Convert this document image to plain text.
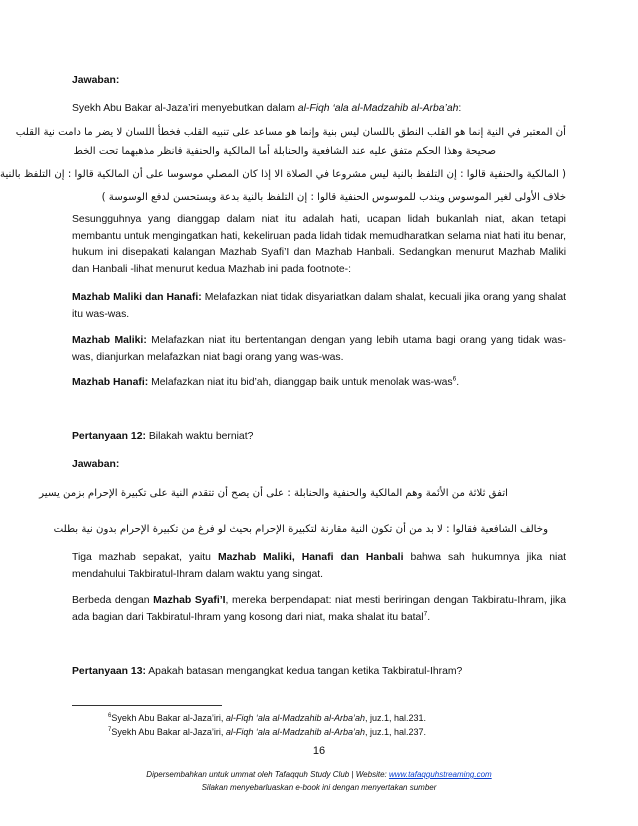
Jawaban:

Syekh Abu Bakar al-Jaza’iri menyebutkan dalam al-Fiqh ‘ala al-Madzahib al-Arba’ah:

أن المعتبر في النية إنما هو القلب النطق باللسان ليس بنية وإنما هو مساعد على تنبيه القلب فخطأ اللسان لا يضر ما دامت نية القلب
صحيحة وهذا الحكم متفق عليه عند الشافعية والحنابلة أما المالكية والحنفية فانظر مذهبهما تحت الخط
( المالكية والحنفية قالوا : إن التلفظ بالنية ليس مشروعا في الصلاة الا إذا كان المصلي موسوسا على أن المالكية قالوا : إن التلفظ بالنية
خلاف الأولى لغير الموسوس ويندب للموسوس الحنفية قالوا : إن التلفظ بالنية بدعة ويستحسن لدفع الوسوسة )

Sesungguhnya yang dianggap dalam niat itu adalah hati, ucapan lidah bukanlah niat, akan tetapi membantu untuk mengingatkan hati, kekeliruan pada lidah tidak memudharatkan selama niat hati itu benar, hukum ini disepakati kalangan Mazhab Syafi’I dan Mazhab Hanbali. Sedangkan menurut Mazhab Maliki dan Hanbali -lihat menurut kedua Mazhab ini pada footnote-:

Mazhab Maliki dan Hanafi: Melafazkan niat tidak disyariatkan dalam shalat, kecuali jika orang yang shalat itu was-was.

Mazhab Maliki: Melafazkan niat itu bertentangan dengan yang lebih utama bagi orang yang tidak was-was, dianjurkan melafazkan niat bagi orang yang was-was.

Mazhab Hanafi: Melafazkan niat itu bid’ah, dianggap baik untuk menolak was-was$^6$.

Pertanyaan 12: Bilakah waktu berniat?

Jawaban:

اتفق ثلاثة من الأئمة وهم المالكية والحنفية والحنابلة : على أن يصح أن تتقدم النية على تكبيرة الإحرام بزمن يسير
وخالف الشافعية فقالوا : لا بد من أن تكون النية مقارنة لتكبيرة الإحرام بحيث لو فرغ من تكبيرة الإحرام بدون نية بطلت

Tiga mazhab sepakat, yaitu Mazhab Maliki, Hanafi dan Hanbali bahwa sah hukumnya jika niat mendahului Takbiratul-Ihram dalam waktu yang singat.

Berbeda dengan Mazhab Syafi’I, mereka berpendapat: niat mesti beriringan dengan Takbiratu-Ihram, jika ada bagian dari Takbiratul-Ihram yang kosong dari niat, maka shalat itu batal$^7$.

Pertanyaan 13: Apakah batasan mengangkat kedua tangan ketika Takbiratul-Ihram?

$^6$Syekh Abu Bakar al-Jaza’iri, al-Fiqh ‘ala al-Madzahib al-Arba’ah, juz.1, hal.231.
$^7$Syekh Abu Bakar al-Jaza’iri, al-Fiqh ‘ala al-Madzahib al-Arba’ah, juz.1, hal.237.
16
Dipersembahkan untuk ummat oleh Tafaqquh Study Club | Website: www.tafaqquhstreaming.com
Silakan menyebarluaskan e-book ini dengan menyertakan sumber
